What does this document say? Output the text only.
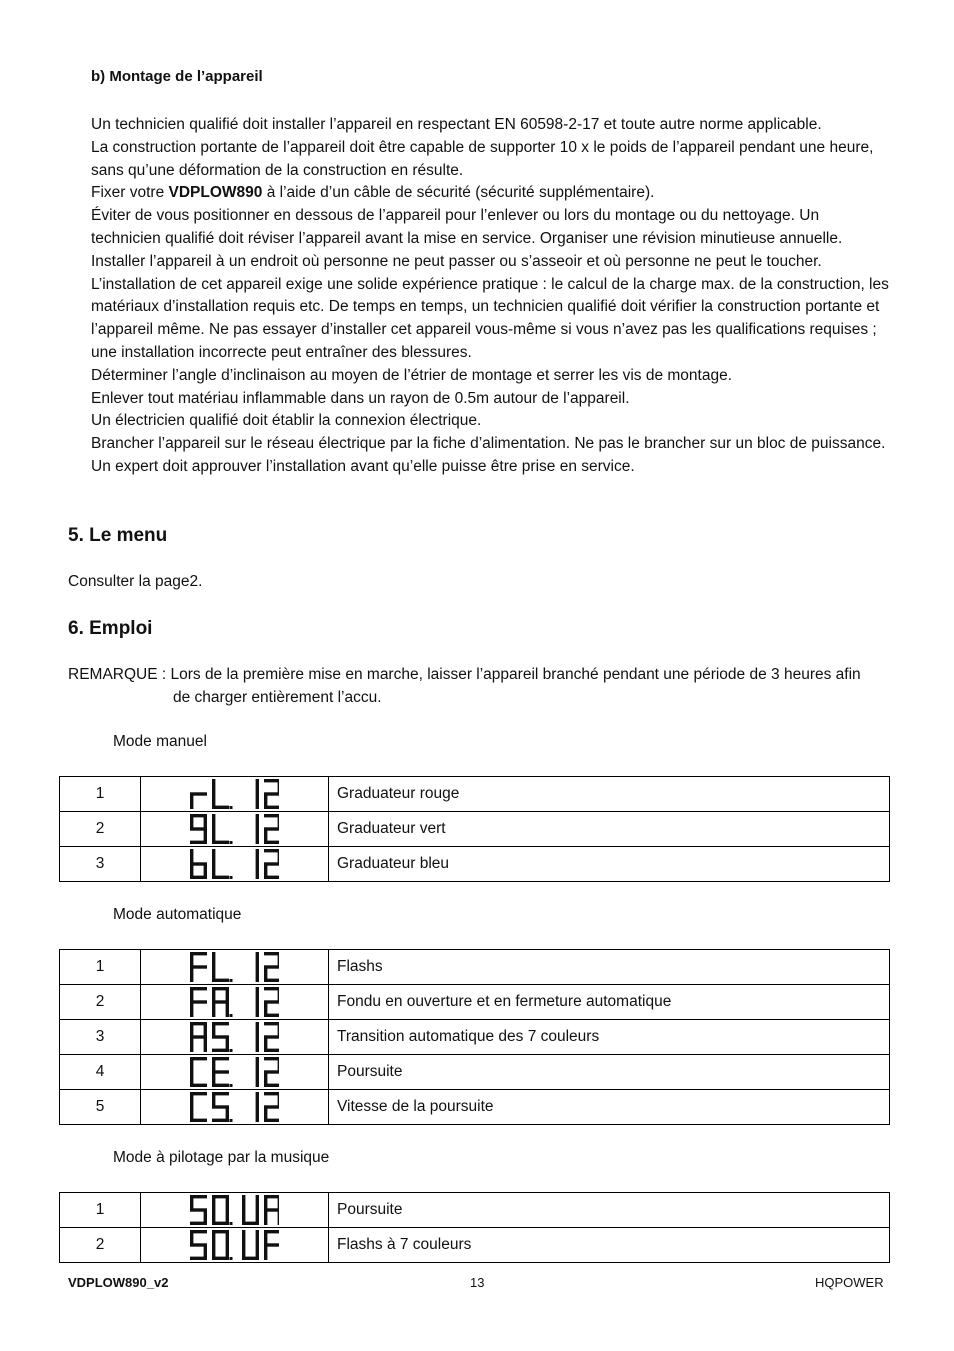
b) Montage de l’appareil

Un technicien qualifié doit installer l’appareil en respectant EN 60598-2-17 et toute autre norme applicable.

La construction portante de l’appareil doit être capable de supporter 10 x le poids de l’appareil pendant une heure, sans qu’une déformation de la construction en résulte.

Fixer votre VDPLOW890 à l’aide d’un câble de sécurité (sécurité supplémentaire).

Éviter de vous positionner en dessous de l’appareil pour l’enlever ou lors du montage ou du nettoyage. Un technicien qualifié doit réviser l’appareil avant la mise en service. Organiser une révision minutieuse annuelle.

Installer l’appareil à un endroit où personne ne peut passer ou s’asseoir et où personne ne peut le toucher.

L’installation de cet appareil exige une solide expérience pratique : le calcul de la charge max. de la construction, les matériaux d’installation requis etc. De temps en temps, un technicien qualifié doit vérifier la construction portante et l’appareil même. Ne pas essayer d’installer cet appareil vous-même si vous n’avez pas les qualifications requises ; une installation incorrecte peut entraîner des blessures.

Déterminer l’angle d’inclinaison au moyen de l’étrier de montage et serrer les vis de montage.

Enlever tout matériau inflammable dans un rayon de 0.5m autour de l’appareil.

Un électricien qualifié doit établir la connexion électrique.

Brancher l’appareil sur le réseau électrique par la fiche d’alimentation. Ne pas le brancher sur un bloc de puissance.

Un expert doit approuver l’installation avant qu’elle puisse être prise en service.

5. Le menu
Consulter la page2.
6. Emploi
REMARQUE : Lors de la première mise en marche, laisser l’appareil branché pendant une période de 3 heures afin
de charger entièrement l’accu.
Mode manuel
1		Graduateur rouge
2		Graduateur vert
3		Graduateur bleu
Mode automatique
1		Flashs
2		Fondu en ouverture et en fermeture automatique
3		Transition automatique des 7 couleurs
4		Poursuite
5		Vitesse de la poursuite
Mode à pilotage par la musique
1		Poursuite
2		Flashs à 7 couleurs
VDPLOW890_v2	13	HQPOWER
